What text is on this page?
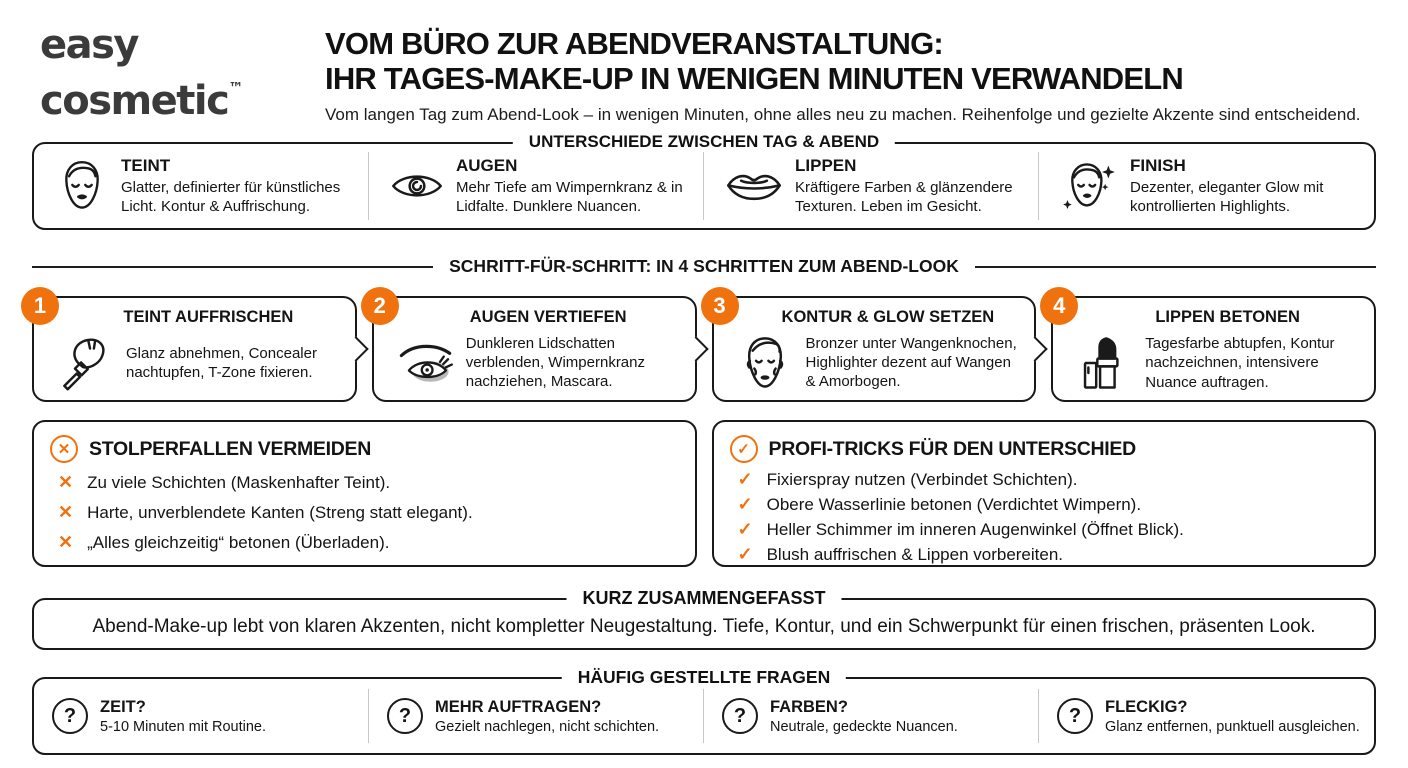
easy
cosmetic™
VOM BÜRO ZUR ABENDVERANSTALTUNG:
IHR TAGES-MAKE-UP IN WENIGEN MINUTEN VERWANDELN
Vom langen Tag zum Abend-Look – in wenigen Minuten, ohne alles neu zu machen. Reihenfolge und gezielte Akzente sind entscheidend.
UNTERSCHIEDE ZWISCHEN TAG & ABEND
TEINT
Glatter, definierter für künstliches Licht. Kontur & Auffrischung.
AUGEN
Mehr Tiefe am Wimpernkranz & in Lidfalte. Dunklere Nuancen.
LIPPEN
Kräftigere Farben & glänzendere Texturen. Leben im Gesicht.
FINISH
Dezenter, eleganter Glow mit kontrollierten Highlights.
SCHRITT-FÜR-SCHRITT: IN 4 SCHRITTEN ZUM ABEND-LOOK
1	TEINT AUFFRISCHEN
Glanz abnehmen, Concealer nachtupfen, T-Zone fixieren.
2	AUGEN VERTIEFEN
Dunkleren Lidschatten verblenden, Wimpernkranz nachziehen, Mascara.
3	KONTUR & GLOW SETZEN
Bronzer unter Wangenknochen, Highlighter dezent auf Wangen & Amorbogen.
4	LIPPEN BETONEN
Tagesfarbe abtupfen, Kontur nachzeichnen, intensivere Nuance auftragen.
✕ STOLPERFALLEN VERMEIDEN
✕ Zu viele Schichten (Maskenhafter Teint).
✕ Harte, unverblendete Kanten (Streng statt elegant).
✕ „Alles gleichzeitig“ betonen (Überladen).
✓ PROFI-TRICKS FÜR DEN UNTERSCHIED
✓ Fixierspray nutzen (Verbindet Schichten).
✓ Obere Wasserlinie betonen (Verdichtet Wimpern).
✓ Heller Schimmer im inneren Augenwinkel (Öffnet Blick).
✓ Blush auffrischen & Lippen vorbereiten.
KURZ ZUSAMMENGEFASST
Abend-Make-up lebt von klaren Akzenten, nicht kompletter Neugestaltung. Tiefe, Kontur, und ein Schwerpunkt für einen frischen, präsenten Look.
HÄUFIG GESTELLTE FRAGEN
?	ZEIT?
5-10 Minuten mit Routine.	?	MEHR AUFTRAGEN?
Gezielt nachlegen, nicht schichten.	?	FARBEN?
Neutrale, gedeckte Nuancen.	?	FLECKIG?
Glanz entfernen, punktuell ausgleichen.
